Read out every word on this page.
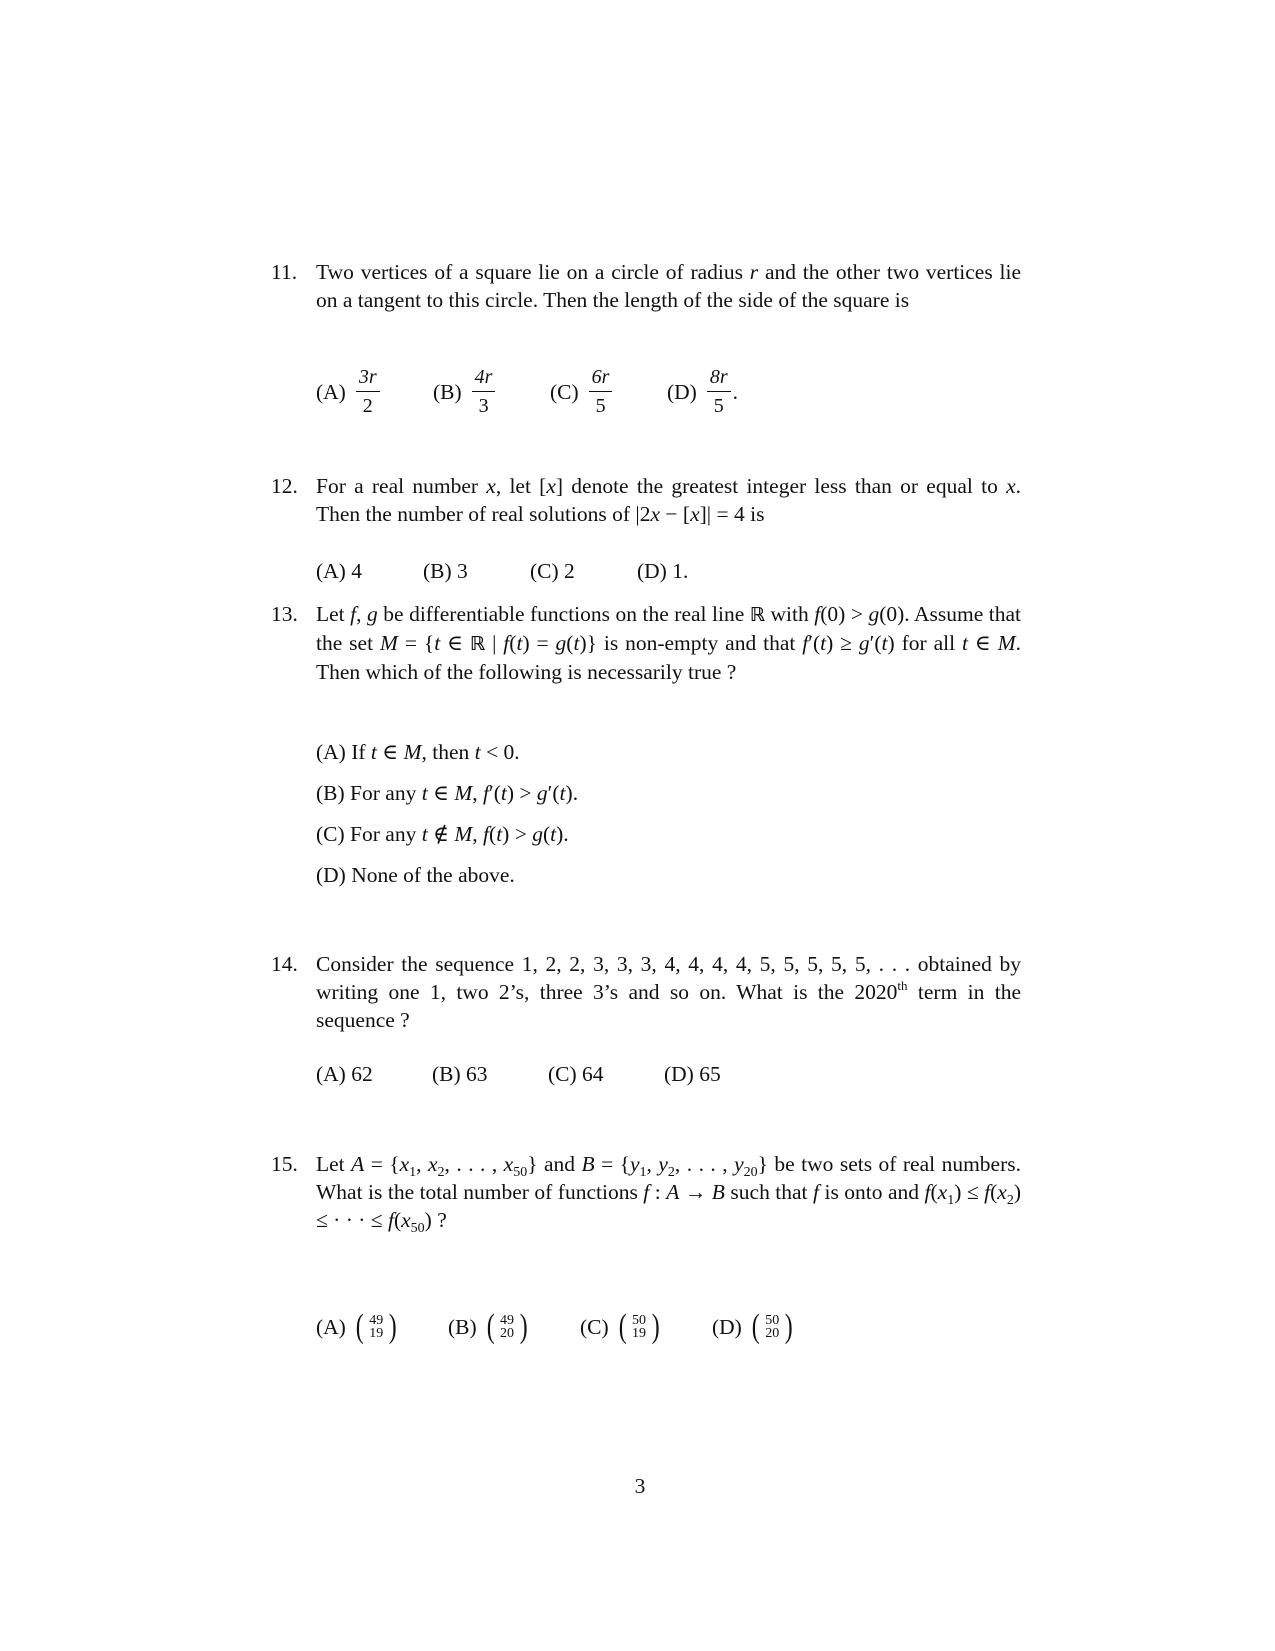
11. Two vertices of a square lie on a circle of radius r and the other two vertices lie on a tangent to this circle. Then the length of the side of the square is

$(A) \frac{3r}{2} (B) \frac{4r}{3}$	$(C) \frac{6r}{5}$	$(D) \frac{8r}{5}$ .
12. For a real number x, let [x] denote the greatest integer less than or equal to x. Then the number of real solutions of |2x − [x]| = 4 is

(A) 4	(B) 3	(C) 2	(D) 1.
13. Let f, g be differentiable functions on the real line ℝ with f(0) > g(0). Assume that the set M = {t ∈ ℝ | f(t) = g(t)} is non-empty and that f′(t) ≥ g′(t) for all t ∈ M. Then which of the following is necessarily true ?

(A) If t ∈ M, then t < 0.
(B) For any t ∈ M, f′(t) > g′(t).
(C) For any t ∉ M, f(t) > g(t).
(D) None of the above.
14. Consider the sequence 1, 2, 2, 3, 3, 3, 4, 4, 4, 4, 5, 5, 5, 5, 5, . . . obtained by writing one 1, two 2’s, three 3’s and so on. What is the 2020th term in the sequence ?

(A) 62	(B) 63	(C) 64	(D) 65
15. Let $A = \{x_1$, $x_2$, . . . , $x_{50}$} and $B = \{y_1$, $y_2$, . . . , $y_{20}$} be two sets of real numbers. What is the total number of functions f : A → B such that f is onto and $f(x_1) \le f(x_2)$ ≤ · · · ≤ $f(x_{50})$ ?

(A) ( 49
19 ) (B) ( 49
20 ) (C) ( 50
19 ) (D) ( 50
20 )
3
